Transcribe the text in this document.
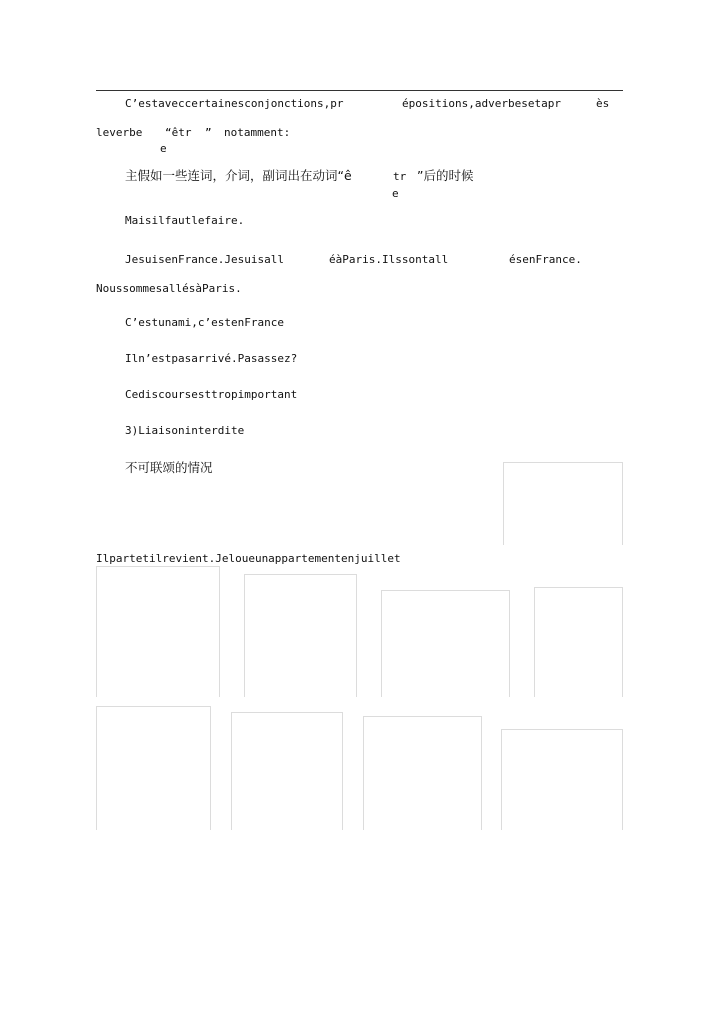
C’estaveccertainesconjonctions,pr	épositions,adverbesetapr	ès
leverbe “êtr ” notamment:
e
主假如一些连词，介词，副词出在动词“ê	tr ”后的时候
e
Maisilfautlefaire.
JesuisenFrance.Jesuisall	éàParis.Ilssontall	ésenFrance.
NoussommesallésàParis.
C’estunami,c’estenFrance
Iln’estpasarrivé.Pasassez?
Cediscoursesttropimportant
3)Liaisoninterdite
不可联颂的情况
Ilpartetilrevient.Jeloueunappartementenjuillet
